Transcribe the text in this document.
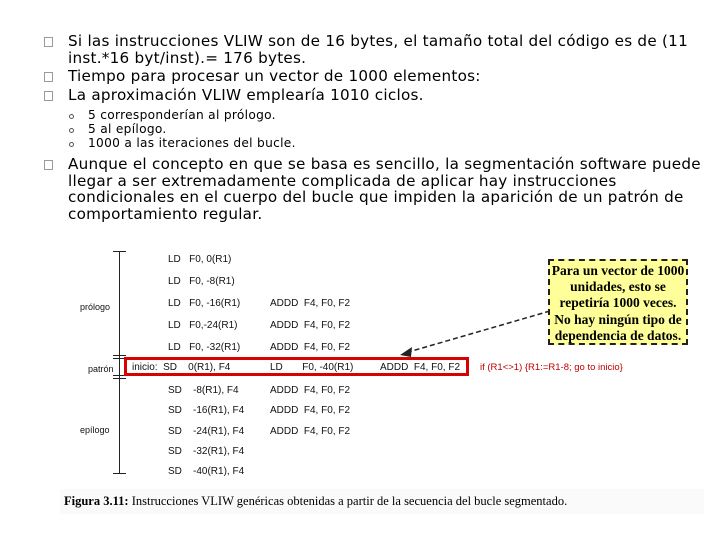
Si las instrucciones VLIW son de 16 bytes, el tamaño total del código es de (11 inst.*16 byt/inst).= 176 bytes.
Tiempo para procesar un vector de 1000 elementos:
La aproximación VLIW emplearía 1010 ciclos.
5 corresponderían al prólogo.
5 al epílogo.
1000 a las iteraciones del bucle.
Aunque el concepto en que se basa es sencillo, la segmentación software puede llegar a ser extremadamente complicada de aplicar hay instrucciones condicionales en el cuerpo del bucle que impiden la aparición de un patrón de comportamiento regular.
prólogo
patrón
epílogo
LD   F0, 0(R1)
LD   F0, -8(R1)
LD   F0, -16(R1)	ADDD  F4, F0, F2
LD   F0,-24(R1)	ADDD  F4, F0, F2
LD   F0, -32(R1)	ADDD  F4, F0, F2
inicio:  SD    0(R1), F4	LD       F0, -40(R1)	ADDD  F4, F0, F2 if (R1<>1) {R1:=R1-8; go to inicio}
SD    -8(R1), F4	ADDD  F4, F0, F2
SD    -16(R1), F4	ADDD  F4, F0, F2
SD    -24(R1), F4	ADDD  F4, F0, F2
SD    -32(R1), F4
SD    -40(R1), F4
Para un vector de 1000 unidades, esto se repetiría 1000 veces. No hay ningún tipo de dependencia de datos.
Figura 3.11: Instrucciones VLIW genéricas obtenidas a partir de la secuencia del bucle segmentado.
